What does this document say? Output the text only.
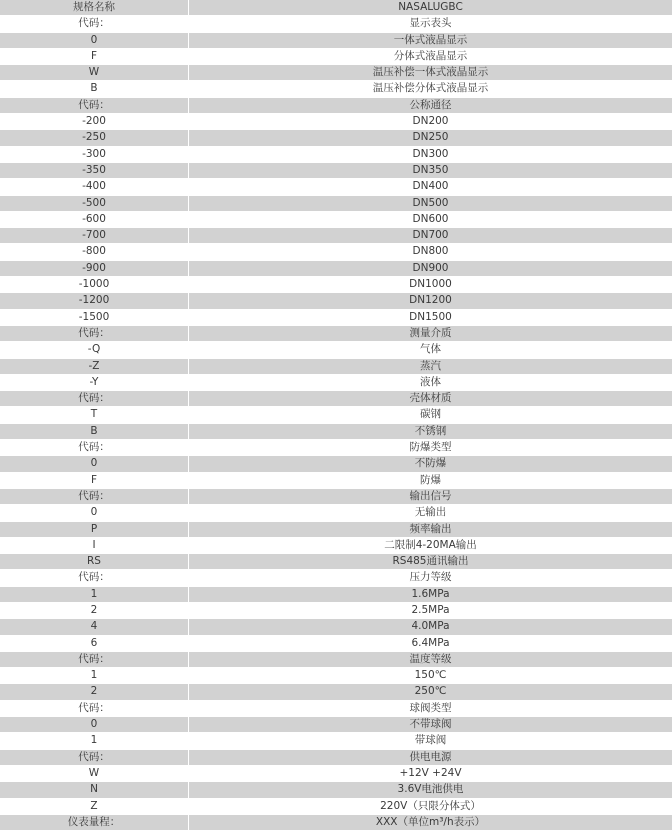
规格名称	NASALUGBC
代码：	显示表头
0	一体式液晶显示
F	分体式液晶显示
W	温压补偿一体式液晶显示
B	温压补偿分体式液晶显示
代码：	公称通径
-200	DN200
-250	DN250
-300	DN300
-350	DN350
-400	DN400
-500	DN500
-600	DN600
-700	DN700
-800	DN800
-900	DN900
-1000	DN1000
-1200	DN1200
-1500	DN1500
代码：	测量介质
-Q	气体
-Z	蒸汽
-Y	液体
代码：	壳体材质
T	碳钢
B	不锈钢
代码：	防爆类型
0	不防爆
F	防爆
代码：	输出信号
0	无输出
P	频率输出
I	二限制4-20MA输出
RS	RS485通讯输出
代码：	压力等级
1	1.6MPa
2	2.5MPa
4	4.0MPa
6	6.4MPa
代码：	温度等级
1	150℃
2	250℃
代码：	球阀类型
0	不带球阀
1	带球阀
代码：	供电电源
W	+12V +24V
N	3.6V电池供电
Z	220V（只限分体式）
仪表量程：	XXX（单位m³/h表示）
